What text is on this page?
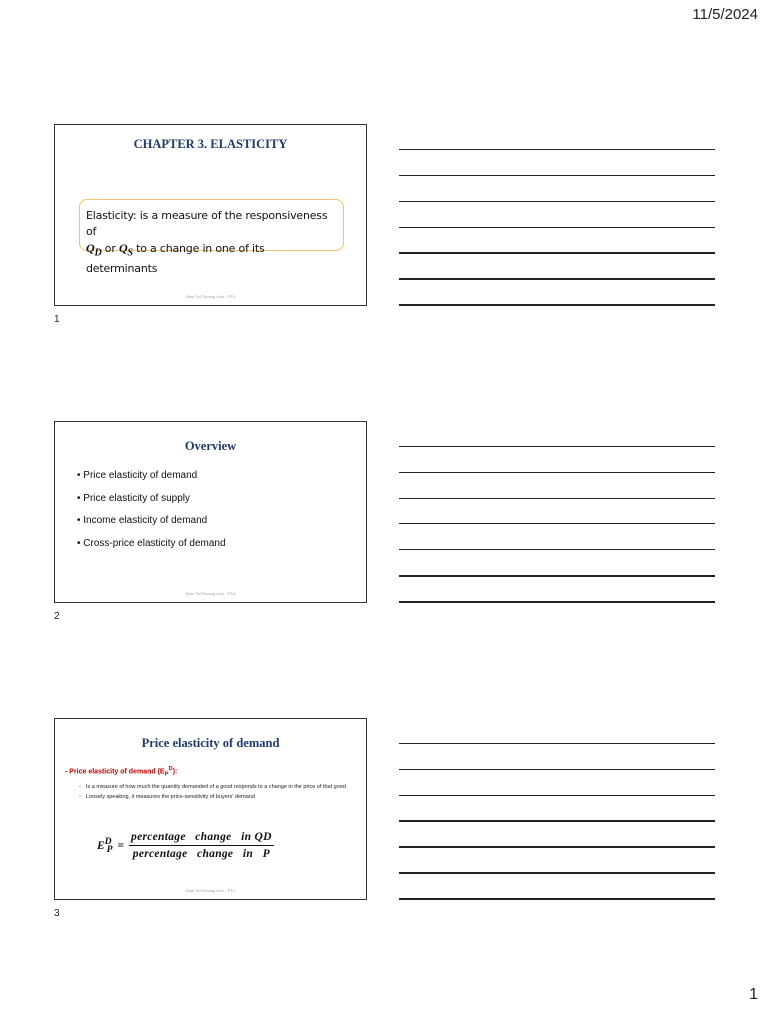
11/5/2024
CHAPTER 3. ELASTICITY
Elasticity: is a measure of the responsiveness of
$Q_D$ or $Q_S$ to a change in one of its determinants
Dam Thi Thuong Linh - PTU
1
Overview
• Price elasticity of demand
• Price elasticity of supply
• Income elasticity of demand
• Cross-price elasticity of demand
Dam Thi Thuong Linh - PTU
2
Price elasticity of demand
- Price elasticity of demand $(E_P^D)$:
- Is a measure of how much the quantity demanded of a good responds to a change in the price of that good
- Loosely speaking, it measures the price-sensitivity of buyers' demand
$E^D_P = \frac{\text{percentage   change   in QD}}{\text{percentage   change   in   P}}$
Dam Thi Thuong Linh - PTU
3
1
